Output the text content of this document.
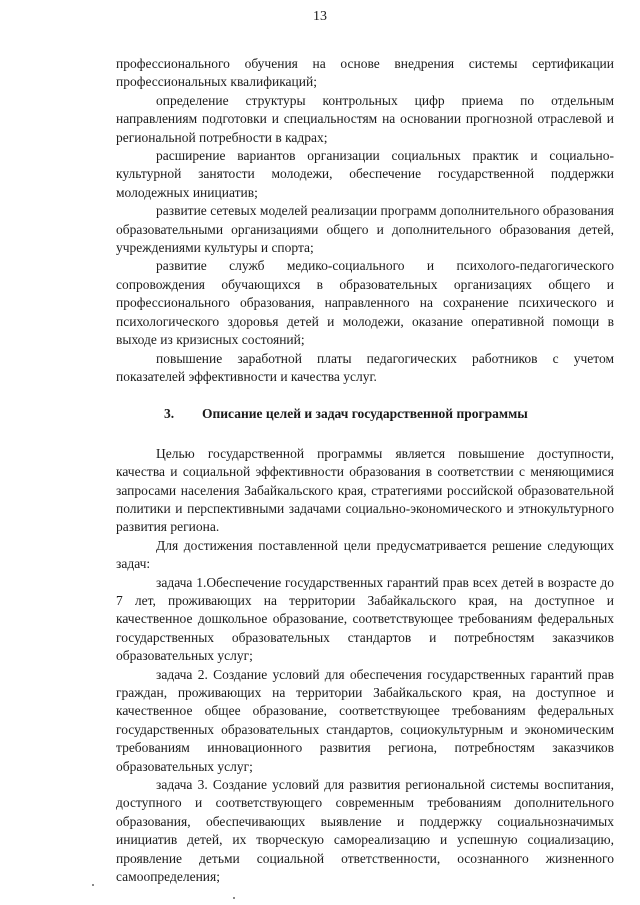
13

профессионального обучения на основе внедрения системы сертификации профессиональных квалификаций;

определение структуры контрольных цифр приема по отдельным направлениям подготовки и специальностям на основании прогнозной отраслевой и региональной потребности в кадрах;

расширение вариантов организации социальных практик и социально-культурной занятости молодежи, обеспечение государственной поддержки молодежных инициатив;

развитие сетевых моделей реализации программ дополнительного образования образовательными организациями общего и дополнительного образования детей, учреждениями культуры и спорта;

развитие служб медико-социального и психолого-педагогического сопровождения обучающихся в образовательных организациях общего и профессионального образования, направленного на сохранение психического и психологического здоровья детей и молодежи, оказание оперативной помощи в выходе из кризисных состояний;

повышение заработной платы педагогических работников с учетом показателей эффективности и качества услуг.

3. Описание целей и задач государственной программы

Целью государственной программы является повышение доступности, качества и социальной эффективности образования в соответствии с меняющимися запросами населения Забайкальского края, стратегиями российской образовательной политики и перспективными задачами социально-экономического и этнокультурного развития региона.

Для достижения поставленной цели предусматривается решение следующих задач:

задача 1.Обеспечение государственных гарантий прав всех детей в возрасте до 7 лет, проживающих на территории Забайкальского края, на доступное и качественное дошкольное образование, соответствующее требованиям федеральных государственных образовательных стандартов и потребностям заказчиков образовательных услуг;

задача 2. Создание условий для обеспечения государственных гарантий прав граждан, проживающих на территории Забайкальского края, на доступное и качественное общее образование, соответствующее требованиям федеральных государственных образовательных стандартов, социокультурным и экономическим требованиям инновационного развития региона, потребностям заказчиков образовательных услуг;

задача 3. Создание условий для развития региональной системы воспитания, доступного и соответствующего современным требованиям дополнительного образования, обеспечивающих выявление и поддержку социальнозначимых инициатив детей, их творческую самореализацию и успешную социализацию, проявление детьми социальной ответственности, осознанного жизненного самоопределения;
